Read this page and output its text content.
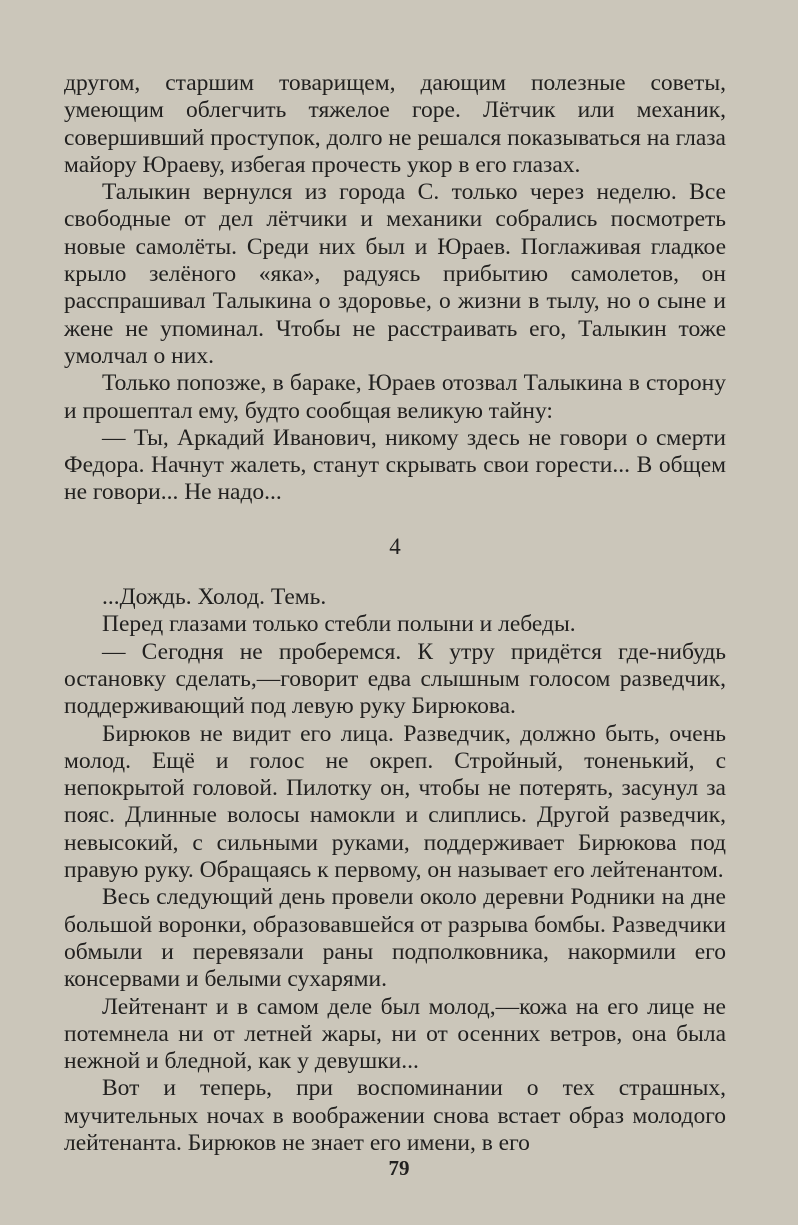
другом, старшим товарищем, дающим полезные советы, умеющим облегчить тяжелое горе. Лётчик или механик, совершивший проступок, долго не решался показываться на глаза майору Юраеву, избегая прочесть укор в его глазах.

Талыкин вернулся из города С. только через неделю. Все свободные от дел лётчики и механики собрались посмотреть новые самолёты. Среди них был и Юраев. Поглаживая гладкое крыло зелёного «яка», радуясь прибытию самолетов, он расспрашивал Талыкина о здоровье, о жизни в тылу, но о сыне и жене не упоминал. Чтобы не расстраивать его, Талыкин тоже умолчал о них.

Только попозже, в бараке, Юраев отозвал Талыкина в сторону и прошептал ему, будто сообщая великую тайну:

— Ты, Аркадий Иванович, никому здесь не говори о смерти Федора. Начнут жалеть, станут скрывать свои горести... В общем не говори... Не надо...

4

...Дождь. Холод. Темь.

Перед глазами только стебли полыни и лебеды.

— Сегодня не проберемся. К утру придётся где-нибудь остановку сделать,—говорит едва слышным голосом разведчик, поддерживающий под левую руку Бирюкова.

Бирюков не видит его лица. Разведчик, должно быть, очень молод. Ещё и голос не окреп. Стройный, тоненький, с непокрытой головой. Пилотку он, чтобы не потерять, засунул за пояс. Длинные волосы намокли и слиплись. Другой разведчик, невысокий, с сильными руками, поддерживает Бирюкова под правую руку. Обращаясь к первому, он называет его лейтенантом.

Весь следующий день провели около деревни Родники на дне большой воронки, образовавшейся от разрыва бомбы. Разведчики обмыли и перевязали раны подполковника, накормили его консервами и белыми сухарями.

Лейтенант и в самом деле был молод,—кожа на его лице не потемнела ни от летней жары, ни от осенних ветров, она была нежной и бледной, как у девушки...

Вот и теперь, при воспоминании о тех страшных, мучительных ночах в воображении снова встает образ молодого лейтенанта. Бирюков не знает его имени, в его

79
